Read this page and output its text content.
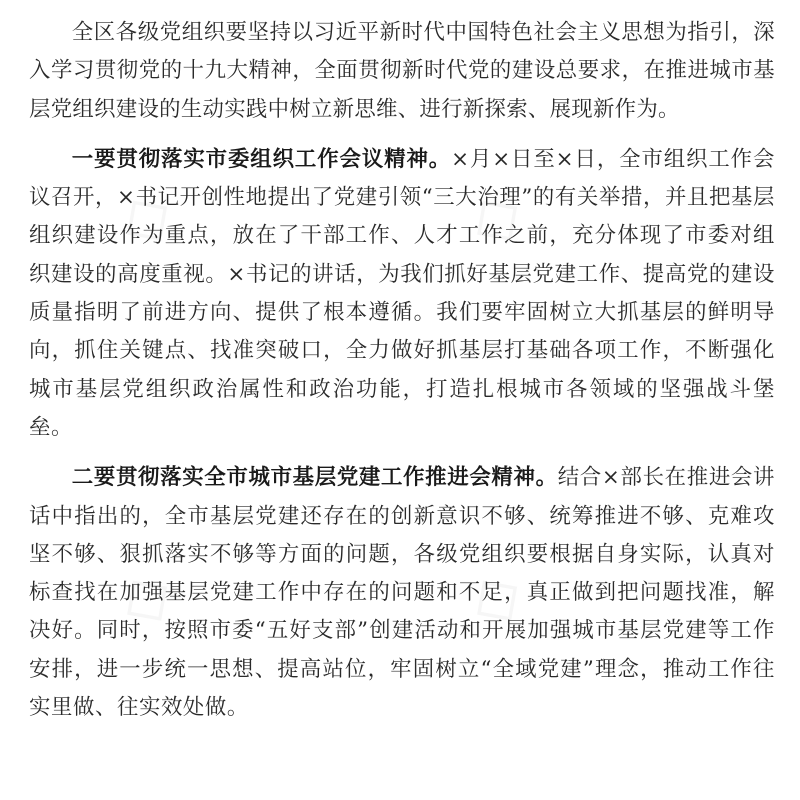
◇	◇
◇	◇

全区各级党组织要坚持以习近平新时代中国特色社会主义思想为指引，深入学习贯彻党的十九大精神，全面贯彻新时代党的建设总要求，在推进城市基层党组织建设的生动实践中树立新思维、进行新探索、展现新作为。

一要贯彻落实市委组织工作会议精神。×月×日至×日，全市组织工作会议召开，×书记开创性地提出了党建引领“三大治理”的有关举措，并且把基层组织建设作为重点，放在了干部工作、人才工作之前，充分体现了市委对组织建设的高度重视。×书记的讲话，为我们抓好基层党建工作、提高党的建设质量指明了前进方向、提供了根本遵循。我们要牢固树立大抓基层的鲜明导向，抓住关键点、找准突破口，全力做好抓基层打基础各项工作，不断强化城市基层党组织政治属性和政治功能，打造扎根城市各领域的坚强战斗堡垒。

二要贯彻落实全市城市基层党建工作推进会精神。结合×部长在推进会讲话中指出的，全市基层党建还存在的创新意识不够、统筹推进不够、克难攻坚不够、狠抓落实不够等方面的问题，各级党组织要根据自身实际，认真对标查找在加强基层党建工作中存在的问题和不足，真正做到把问题找准，解决好。同时，按照市委“五好支部”创建活动和开展加强城市基层党建等工作安排，进一步统一思想、提高站位，牢固树立“全域党建”理念，推动工作往实里做、往实效处做。
